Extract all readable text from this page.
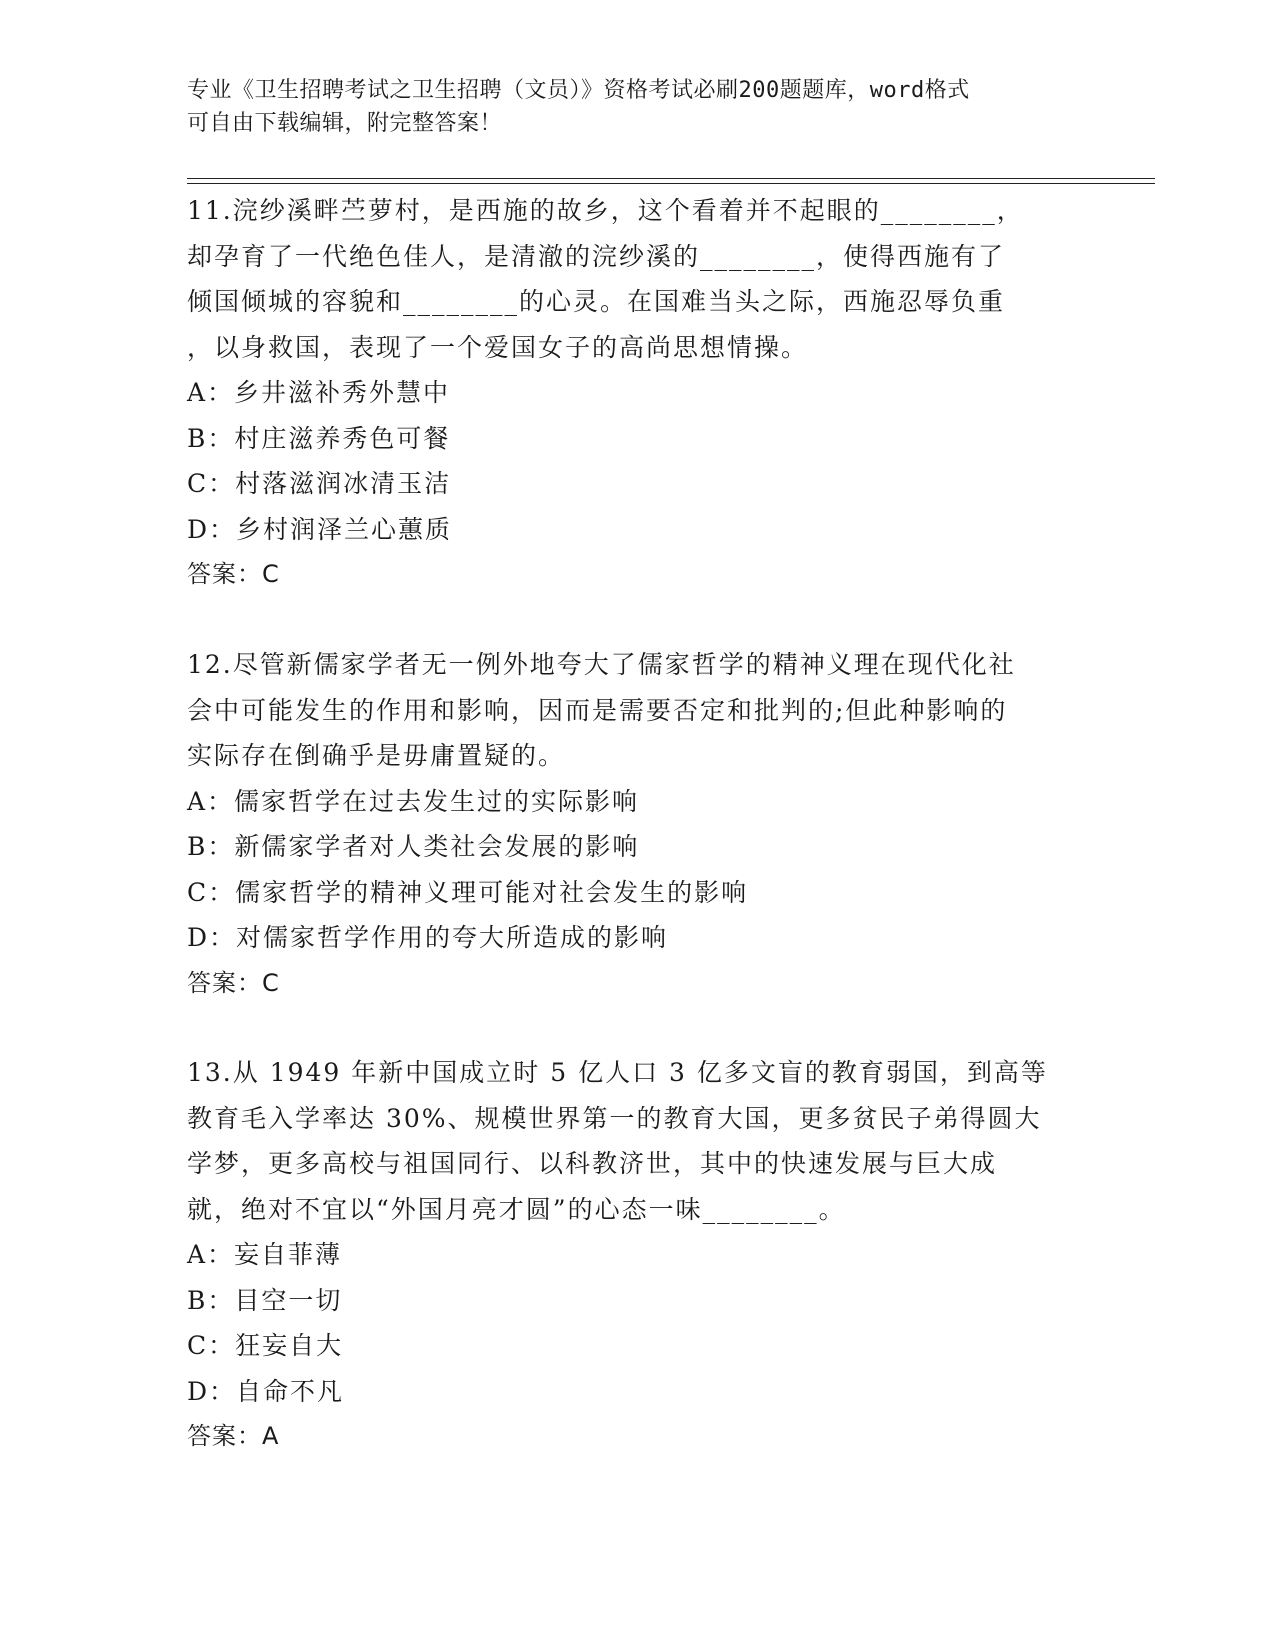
专业《卫生招聘考试之卫生招聘（文员）》资格考试必刷200题题库，word格式
可自由下载编辑，附完整答案！
11.浣纱溪畔苎萝村，是西施的故乡，这个看着并不起眼的________，
却孕育了一代绝色佳人，是清澈的浣纱溪的________，使得西施有了
倾国倾城的容貌和________的心灵。在国难当头之际，西施忍辱负重
，以身救国，表现了一个爱国女子的高尚思想情操。
A：乡井滋补秀外慧中
B：村庄滋养秀色可餐
C：村落滋润冰清玉洁
D：乡村润泽兰心蕙质
答案：C
12.尽管新儒家学者无一例外地夸大了儒家哲学的精神义理在现代化社
会中可能发生的作用和影响，因而是需要否定和批判的;但此种影响的
实际存在倒确乎是毋庸置疑的。
A：儒家哲学在过去发生过的实际影响
B：新儒家学者对人类社会发展的影响
C：儒家哲学的精神义理可能对社会发生的影响
D：对儒家哲学作用的夸大所造成的影响
答案：C
13.从 1949 年新中国成立时 5 亿人口 3 亿多文盲的教育弱国，到高等
教育毛入学率达 30%、规模世界第一的教育大国，更多贫民子弟得圆大
学梦，更多高校与祖国同行、以科教济世，其中的快速发展与巨大成
就，绝对不宜以“外国月亮才圆”的心态一味________。
A：妄自菲薄
B：目空一切
C：狂妄自大
D：自命不凡
答案：A
